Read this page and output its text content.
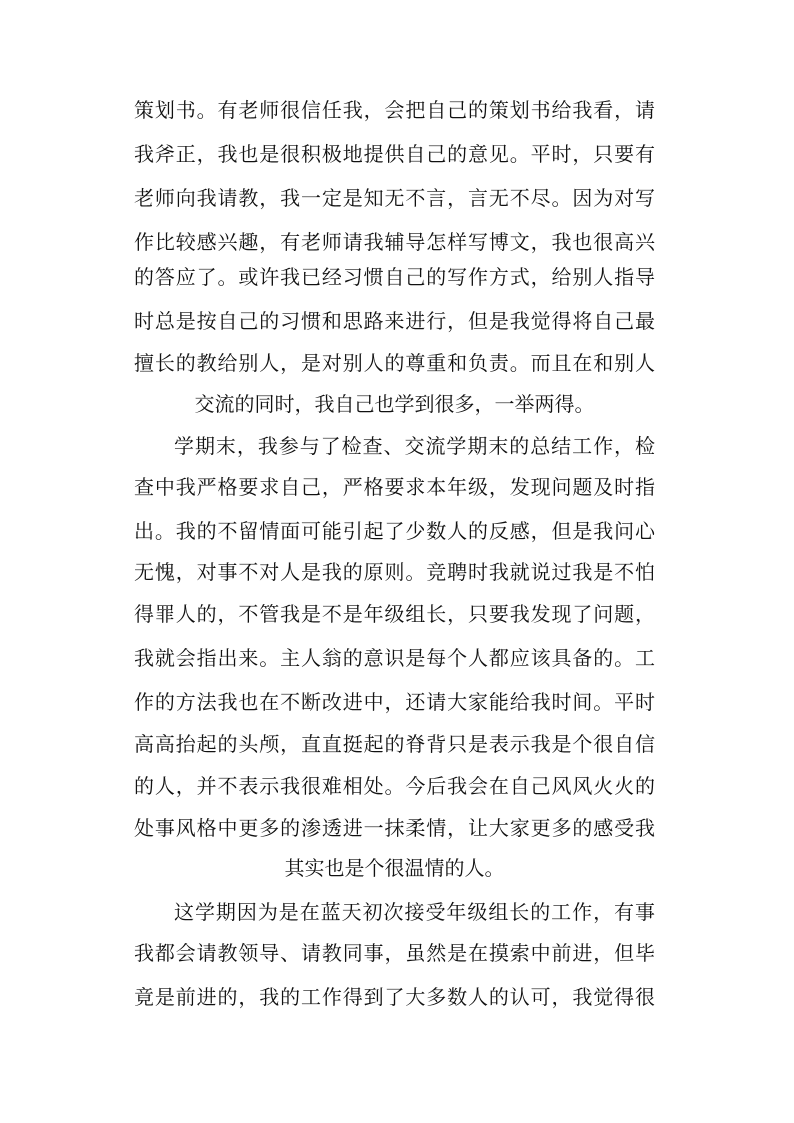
策划书。有老师很信任我，会把自己的策划书给我看，请
我斧正，我也是很积极地提供自己的意见。平时，只要有
老师向我请教，我一定是知无不言，言无不尽。因为对写
作比较感兴趣，有老师请我辅导怎样写博文，我也很高兴
的答应了。或许我已经习惯自己的写作方式，给别人指导
时总是按自己的习惯和思路来进行，但是我觉得将自己最
擅长的教给别人，是对别人的尊重和负责。而且在和别人
交流的同时，我自己也学到很多，一举两得。
学期末，我参与了检查、交流学期末的总结工作，检
查中我严格要求自己，严格要求本年级，发现问题及时指
出。我的不留情面可能引起了少数人的反感，但是我问心
无愧，对事不对人是我的原则。竞聘时我就说过我是不怕
得罪人的，不管我是不是年级组长，只要我发现了问题，
我就会指出来。主人翁的意识是每个人都应该具备的。工
作的方法我也在不断改进中，还请大家能给我时间。平时
高高抬起的头颅，直直挺起的脊背只是表示我是个很自信
的人，并不表示我很难相处。今后我会在自己风风火火的
处事风格中更多的渗透进一抹柔情，让大家更多的感受我
其实也是个很温情的人。
这学期因为是在蓝天初次接受年级组长的工作，有事
我都会请教领导、请教同事，虽然是在摸索中前进，但毕
竟是前进的，我的工作得到了大多数人的认可，我觉得很
